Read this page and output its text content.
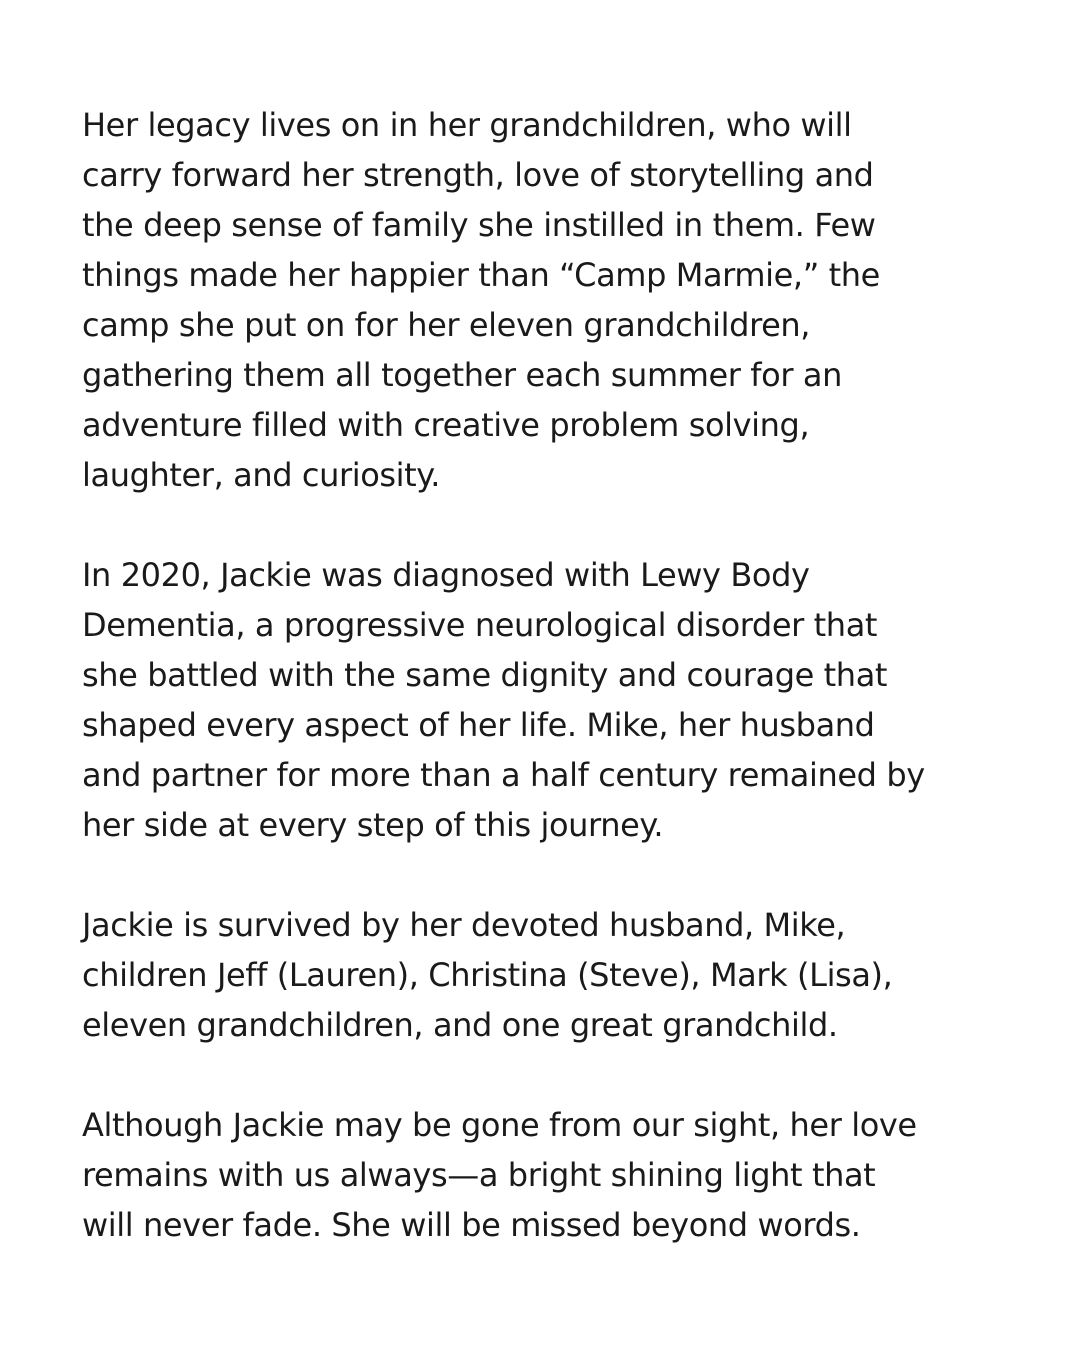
Her legacy lives on in her grandchildren, who will
carry forward her strength, love of storytelling and
the deep sense of family she instilled in them. Few
things made her happier than “Camp Marmie,” the
camp she put on for her eleven grandchildren,
gathering them all together each summer for an
adventure filled with creative problem solving,
laughter, and curiosity.

In 2020, Jackie was diagnosed with Lewy Body
Dementia, a progressive neurological disorder that
she battled with the same dignity and courage that
shaped every aspect of her life. Mike, her husband
and partner for more than a half century remained by
her side at every step of this journey.

Jackie is survived by her devoted husband, Mike,
children Jeff (Lauren), Christina (Steve), Mark (Lisa),
eleven grandchildren, and one great grandchild.

Although Jackie may be gone from our sight, her love
remains with us always—a bright shining light that
will never fade. She will be missed beyond words.
